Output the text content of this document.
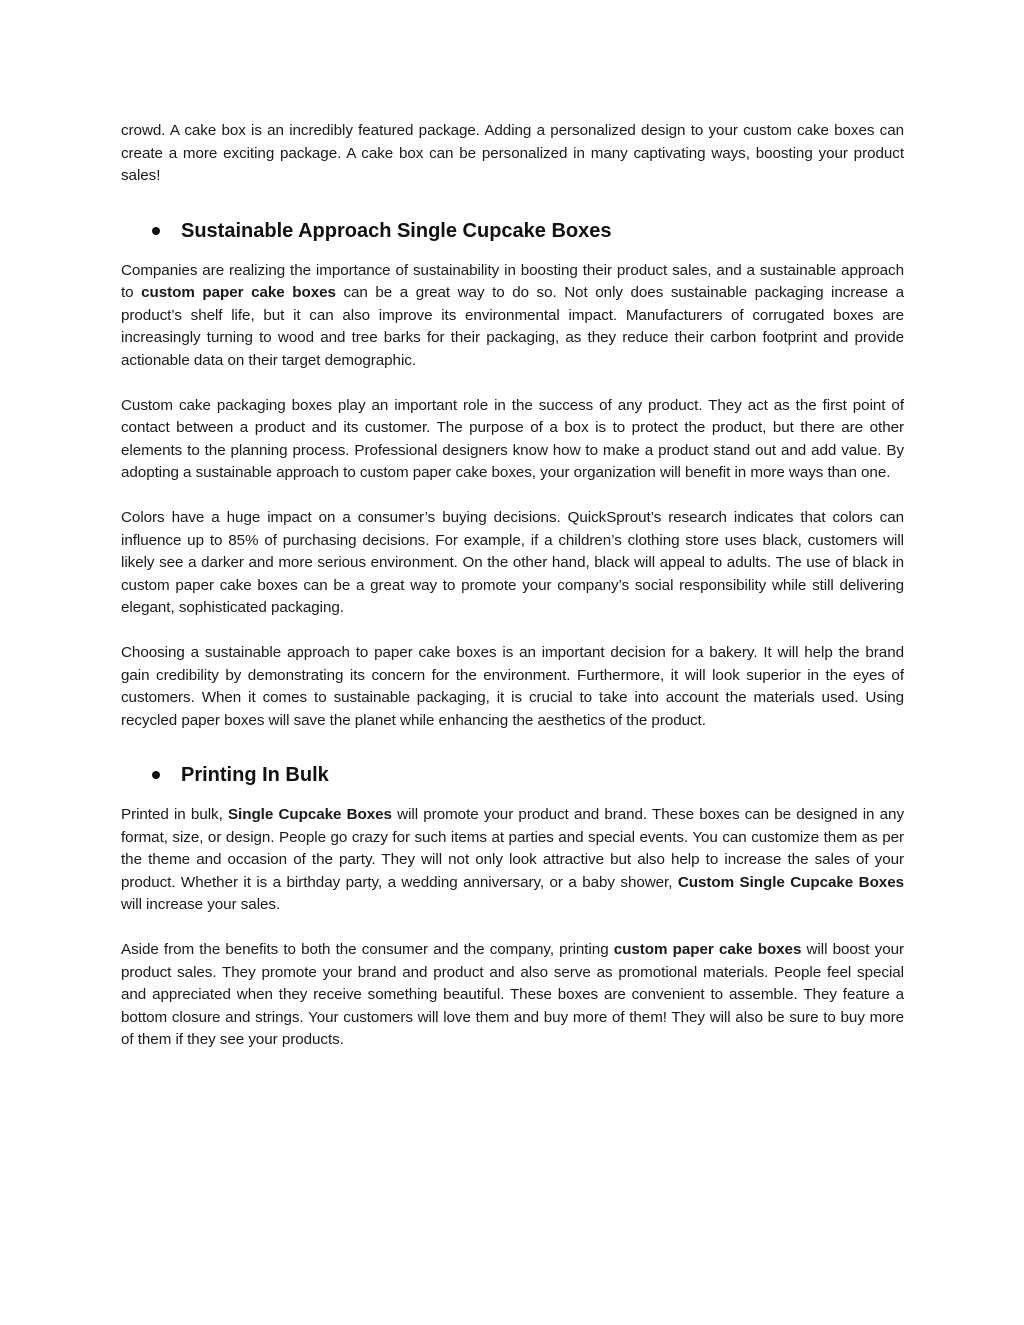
crowd. A cake box is an incredibly featured package. Adding a personalized design to your custom cake boxes can create a more exciting package. A cake box can be personalized in many captivating ways, boosting your product sales!

Sustainable Approach Single Cupcake Boxes

Companies are realizing the importance of sustainability in boosting their product sales, and a sustainable approach to custom paper cake boxes can be a great way to do so. Not only does sustainable packaging increase a product’s shelf life, but it can also improve its environmental impact. Manufacturers of corrugated boxes are increasingly turning to wood and tree barks for their packaging, as they reduce their carbon footprint and provide actionable data on their target demographic.

Custom cake packaging boxes play an important role in the success of any product. They act as the first point of contact between a product and its customer. The purpose of a box is to protect the product, but there are other elements to the planning process. Professional designers know how to make a product stand out and add value. By adopting a sustainable approach to custom paper cake boxes, your organization will benefit in more ways than one.

Colors have a huge impact on a consumer’s buying decisions. QuickSprout’s research indicates that colors can influence up to 85% of purchasing decisions. For example, if a children’s clothing store uses black, customers will likely see a darker and more serious environment. On the other hand, black will appeal to adults. The use of black in custom paper cake boxes can be a great way to promote your company’s social responsibility while still delivering elegant, sophisticated packaging.

Choosing a sustainable approach to paper cake boxes is an important decision for a bakery. It will help the brand gain credibility by demonstrating its concern for the environment. Furthermore, it will look superior in the eyes of customers. When it comes to sustainable packaging, it is crucial to take into account the materials used. Using recycled paper boxes will save the planet while enhancing the aesthetics of the product.

Printing In Bulk

Printed in bulk, Single Cupcake Boxes will promote your product and brand. These boxes can be designed in any format, size, or design. People go crazy for such items at parties and special events. You can customize them as per the theme and occasion of the party. They will not only look attractive but also help to increase the sales of your product. Whether it is a birthday party, a wedding anniversary, or a baby shower, Custom Single Cupcake Boxes will increase your sales.

Aside from the benefits to both the consumer and the company, printing custom paper cake boxes will boost your product sales. They promote your brand and product and also serve as promotional materials. People feel special and appreciated when they receive something beautiful. These boxes are convenient to assemble. They feature a bottom closure and strings. Your customers will love them and buy more of them! They will also be sure to buy more of them if they see your products.
